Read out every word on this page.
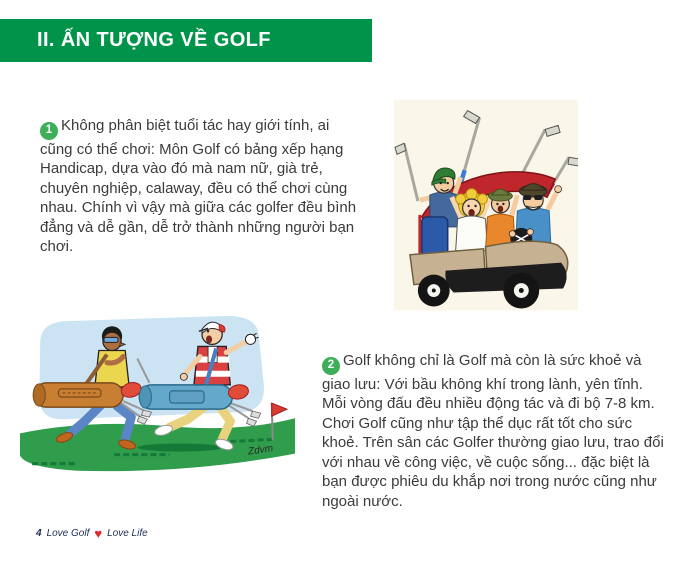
II. ẤN TƯỢNG VỀ GOLF
1 Không phân biệt tuổi tác hay giới tính, ai cũng có thể chơi: Môn Golf có bảng xếp hạng Handicap, dựa vào đó mà nam nữ, già trẻ, chuyên nghiệp, calaway, đều có thể chơi cùng nhau. Chính vì vậy mà giữa các golfer đều bình đẳng và dễ gần, dễ trở thành những người bạn chơi.
Zdvm
2 Golf không chỉ là Golf mà còn là sức khoẻ và giao lưu: Với bầu không khí trong lành, yên tĩnh. Mỗi vòng đấu đều nhiều động tác và đi bộ 7-8 km. Chơi Golf cũng như tập thể dục rất tốt cho sức khoẻ. Trên sân các Golfer thường giao lưu, trao đổi với nhau về công việc, về cuộc sống... đặc biệt là bạn được phiêu du khắp nơi trong nước cũng như ngoài nước.
4 Love Golf ♥ Love Life
